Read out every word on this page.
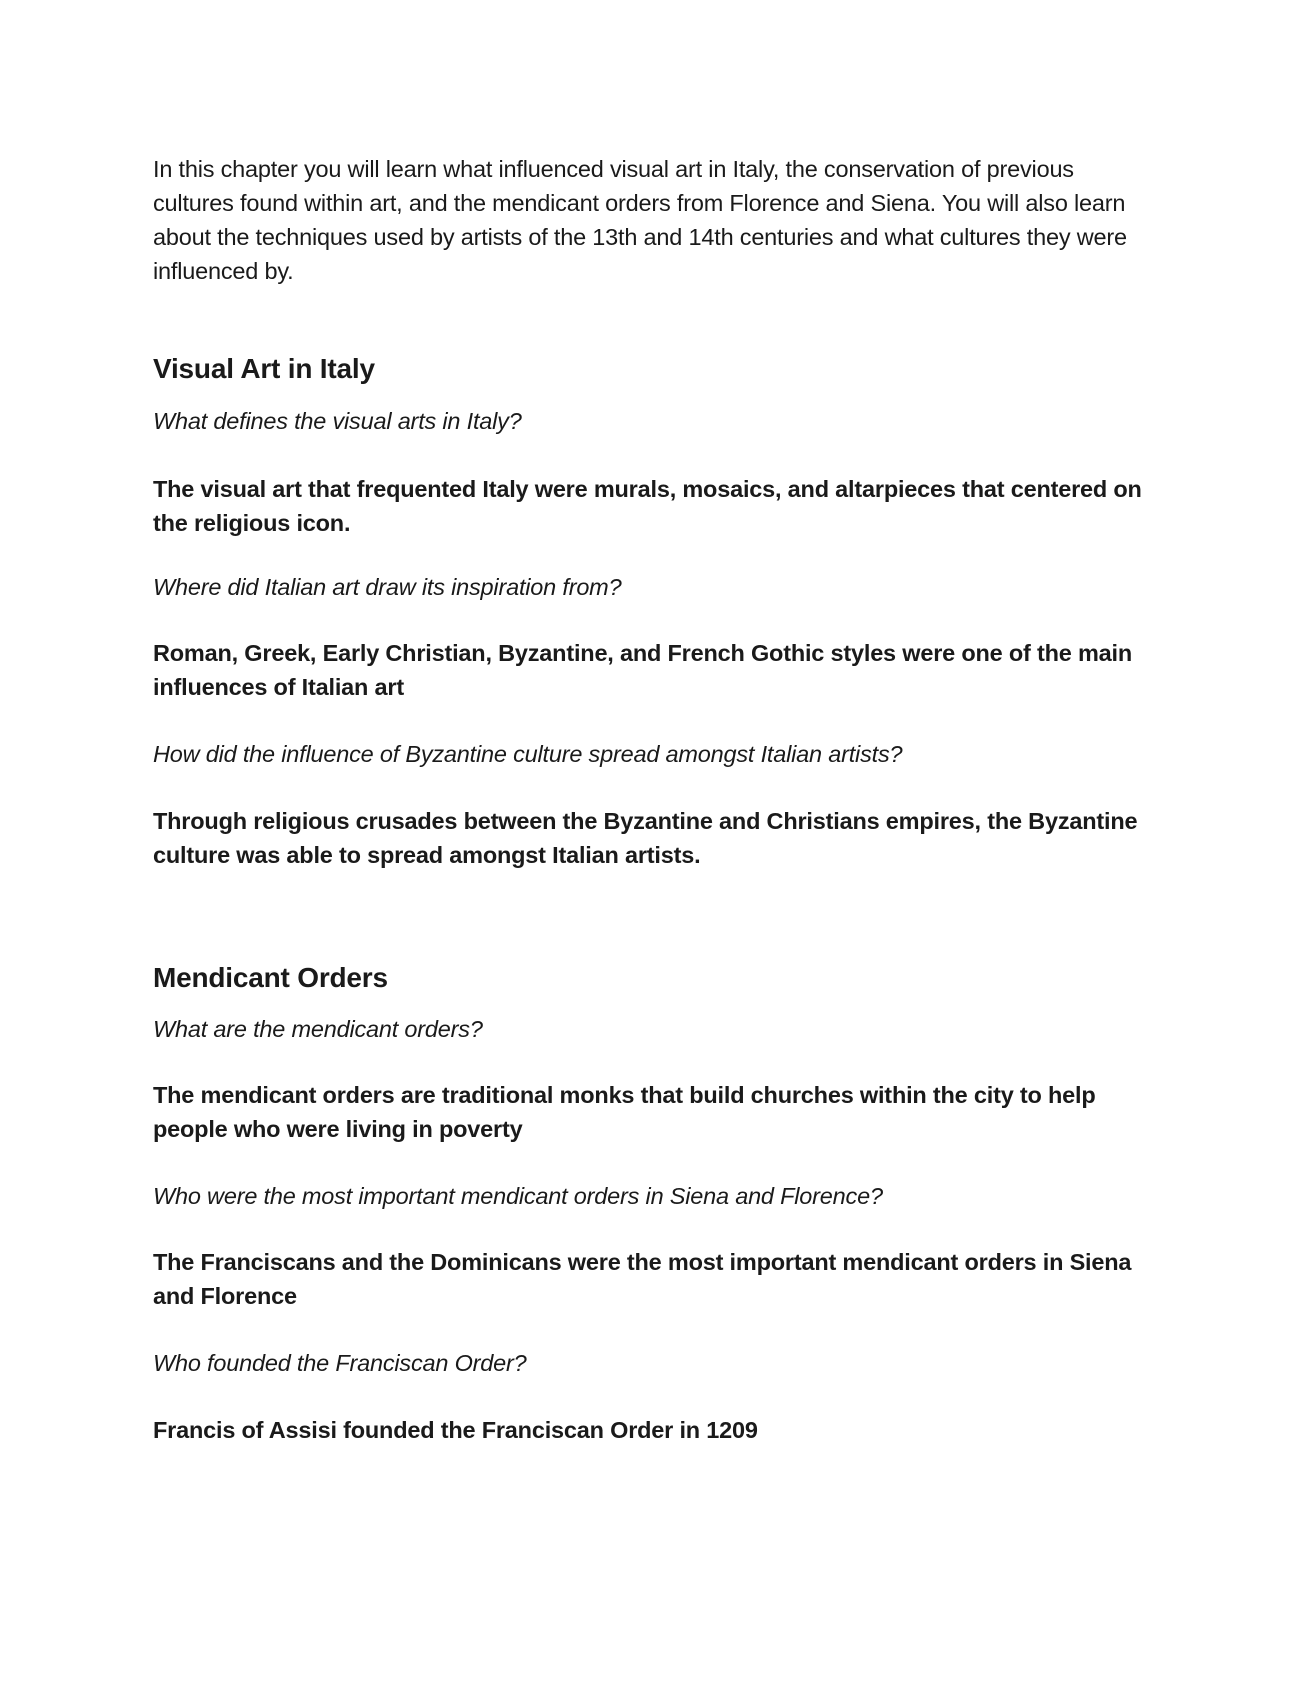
In this chapter you will learn what influenced visual art in Italy, the conservation of previous cultures found within art, and the mendicant orders from Florence and Siena. You will also learn about the techniques used by artists of the 13th and 14th centuries and what cultures they were influenced by.

Visual Art in Italy

What defines the visual arts in Italy?

The visual art that frequented Italy were murals, mosaics, and altarpieces that centered on the religious icon.

Where did Italian art draw its inspiration from?

Roman, Greek, Early Christian, Byzantine, and French Gothic styles were one of the main influences of Italian art

How did the influence of Byzantine culture spread amongst Italian artists?

Through religious crusades between the Byzantine and Christians empires, the Byzantine culture was able to spread amongst Italian artists.

Mendicant Orders

What are the mendicant orders?

The mendicant orders are traditional monks that build churches within the city to help people who were living in poverty

Who were the most important mendicant orders in Siena and Florence?

The Franciscans and the Dominicans were the most important mendicant orders in Siena and Florence

Who founded the Franciscan Order?

Francis of Assisi founded the Franciscan Order in 1209
